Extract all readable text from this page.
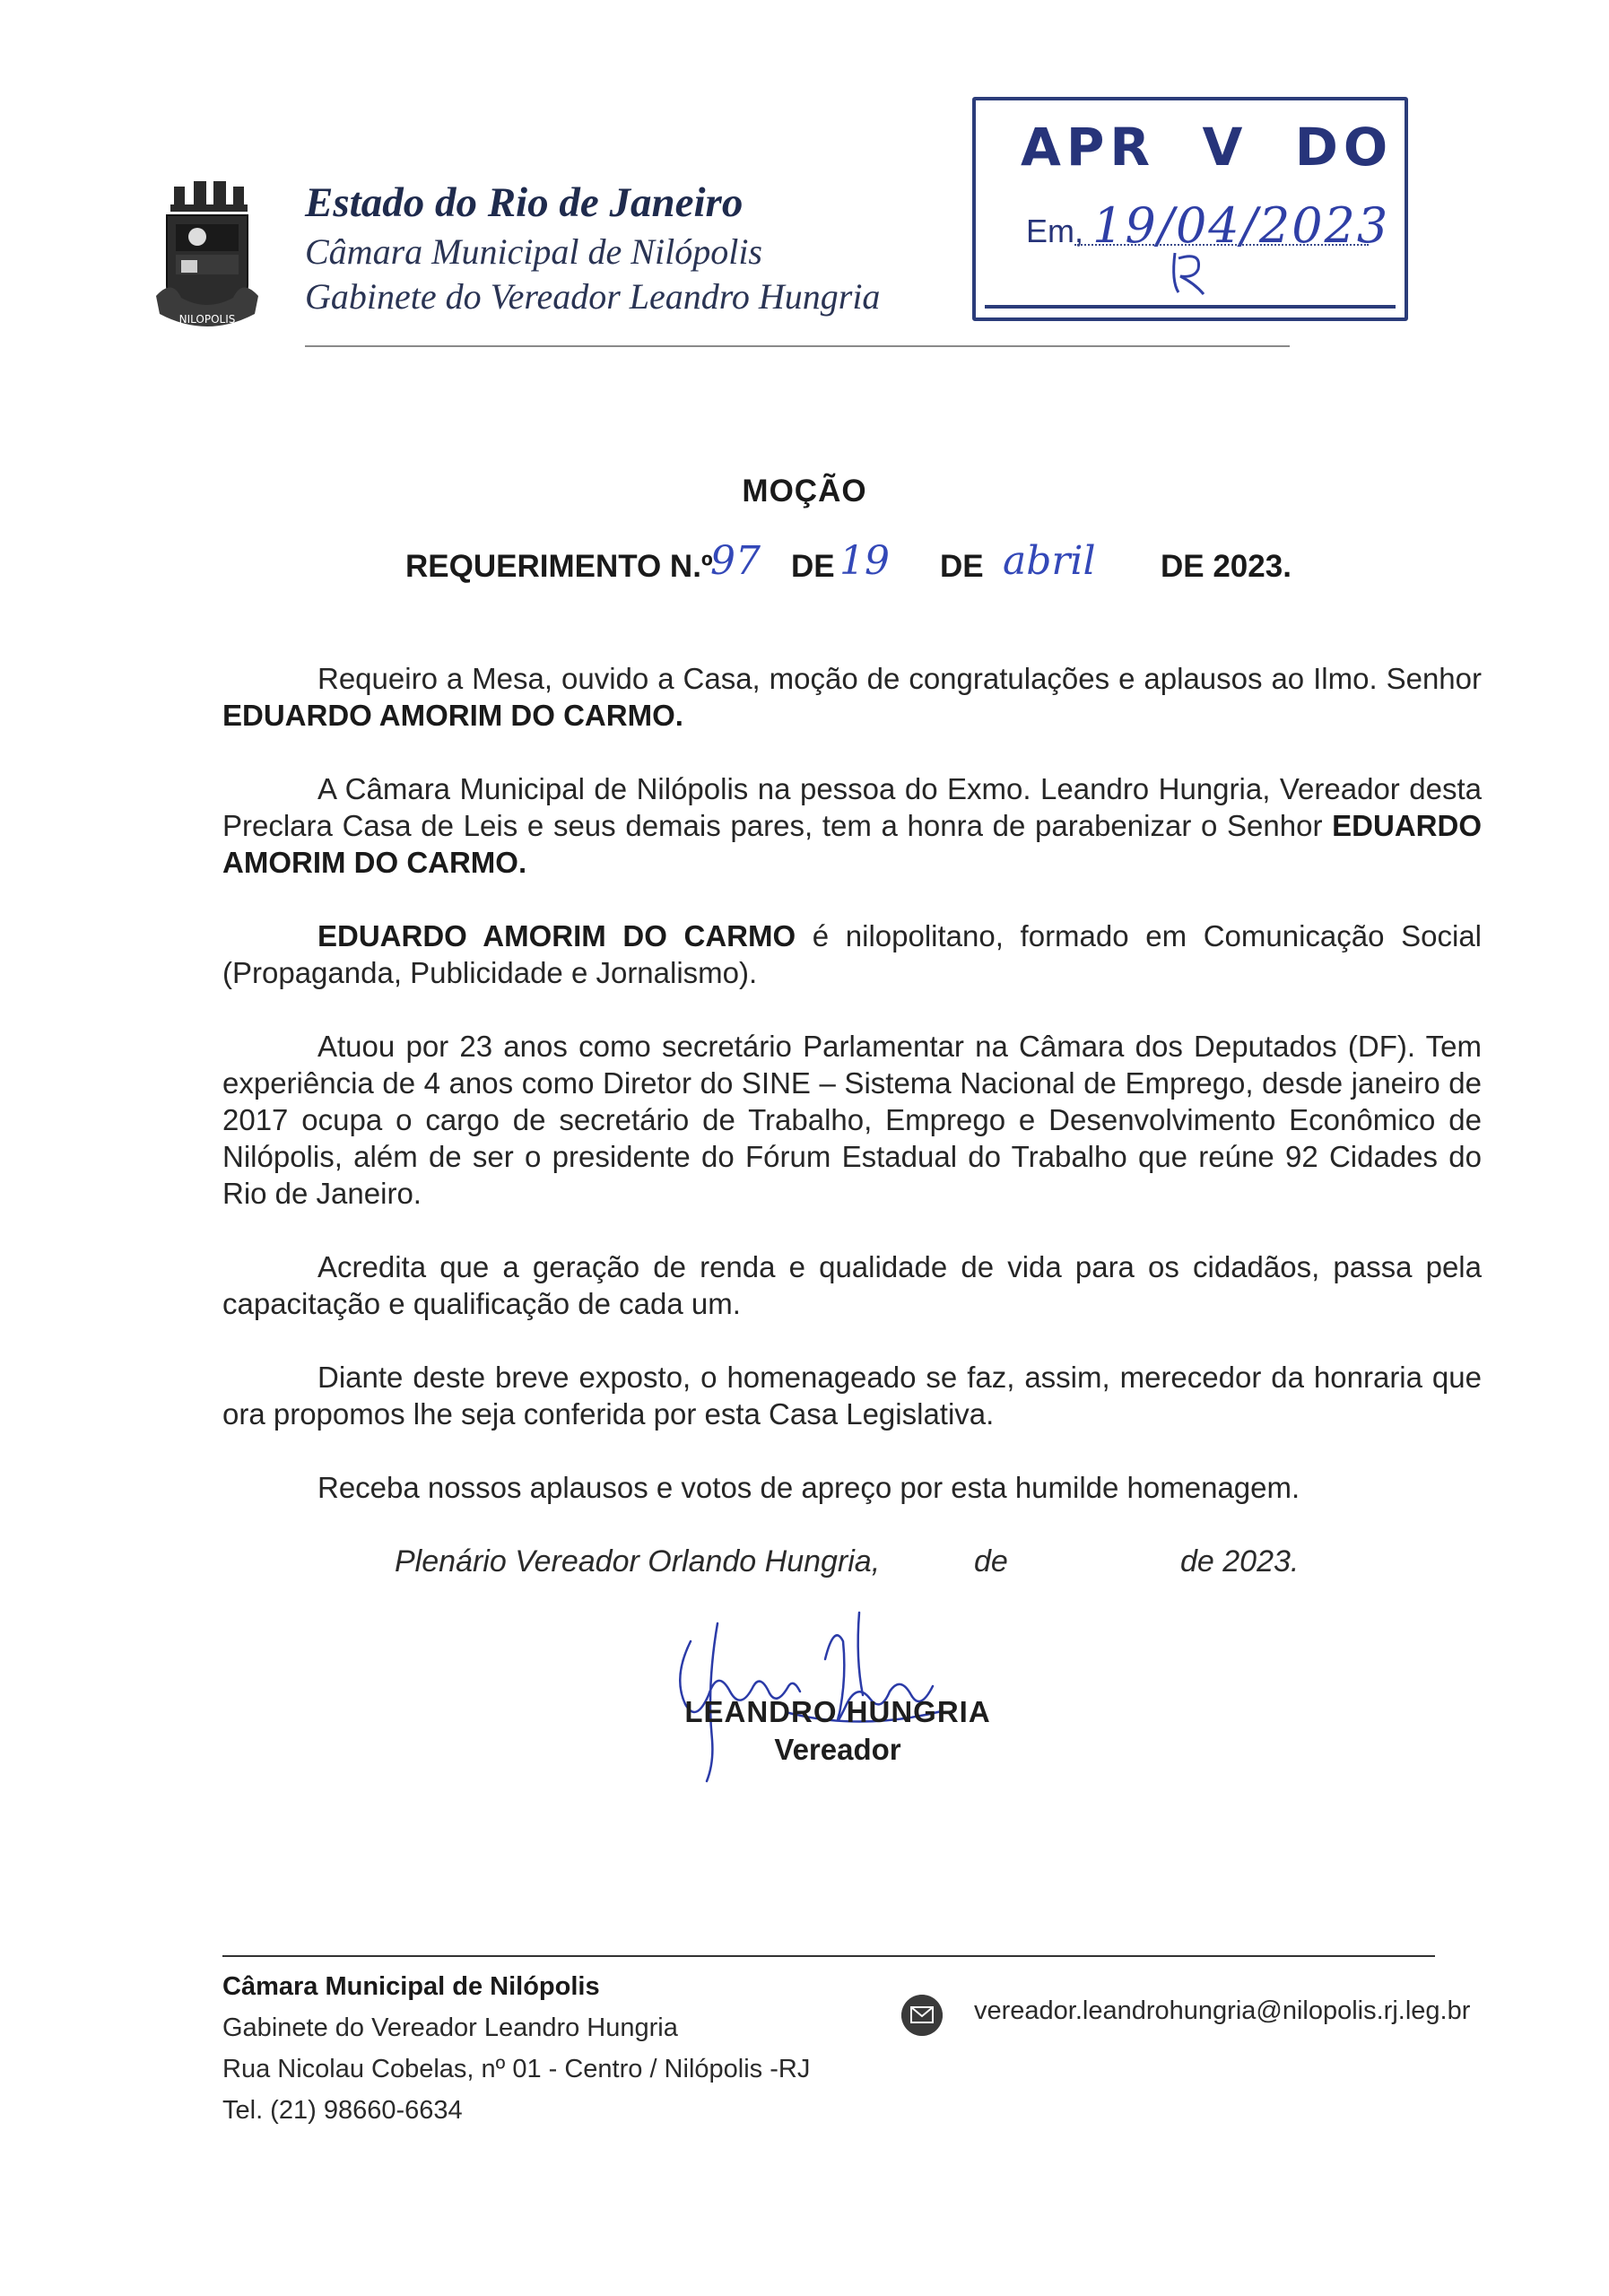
NILOPOLIS
Estado do Rio de Janeiro
Câmara Municipal de Nilópolis
Gabinete do Vereador Leandro Hungria
APR  V  DO
Em, 19/04/2023
MOÇÃO
REQUERIMENTO N.º
97 DE 19 DE abril DE 2023.

Requeiro a Mesa, ouvido a Casa, moção de congratulações e aplausos ao Ilmo. Senhor EDUARDO AMORIM DO CARMO.

A Câmara Municipal de Nilópolis na pessoa do Exmo. Leandro Hungria, Vereador desta Preclara Casa de Leis e seus demais pares, tem a honra de parabenizar o Senhor EDUARDO AMORIM DO CARMO.

EDUARDO AMORIM DO CARMO é nilopolitano, formado em Comunicação Social (Propaganda, Publicidade e Jornalismo).

Atuou por 23 anos como secretário Parlamentar na Câmara dos Deputados (DF). Tem experiência de 4 anos como Diretor do SINE – Sistema Nacional de Emprego, desde janeiro de 2017 ocupa o cargo de secretário de Trabalho, Emprego e Desenvolvimento Econômico de Nilópolis, além de ser o presidente do Fórum Estadual do Trabalho que reúne 92 Cidades do Rio de Janeiro.

Acredita que a geração de renda e qualidade de vida para os cidadãos, passa pela capacitação e qualificação de cada um.

Diante deste breve exposto, o homenageado se faz, assim, merecedor da honraria que ora propomos lhe seja conferida por esta Casa Legislativa.

Receba nossos aplausos e votos de apreço por esta humilde homenagem.

Plenário Vereador Orlando Hungria,	de	de 2023.
LEANDRO HUNGRIA
Vereador
Câmara Municipal de Nilópolis
Gabinete do Vereador Leandro Hungria
Rua Nicolau Cobelas, nº 01 - Centro / Nilópolis -RJ
Tel. (21) 98660-6634
vereador.leandrohungria@nilopolis.rj.leg.br
